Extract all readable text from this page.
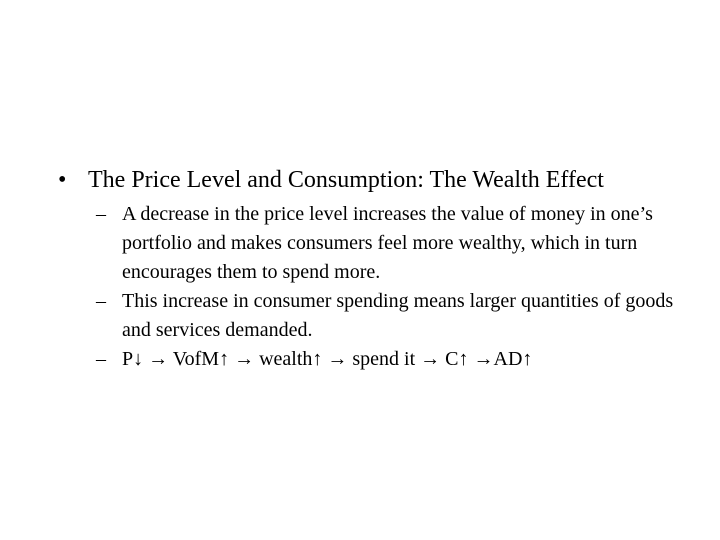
• The Price Level and Consumption: The Wealth Effect
– A decrease in the price level increases the value of money in one’s portfolio and makes consumers feel more wealthy, which in turn encourages them to spend more.
– This increase in consumer spending means larger quantities of goods and services demanded.
– P↓ → VofM↑ → wealth↑ → spend it → C↑ →AD↑
